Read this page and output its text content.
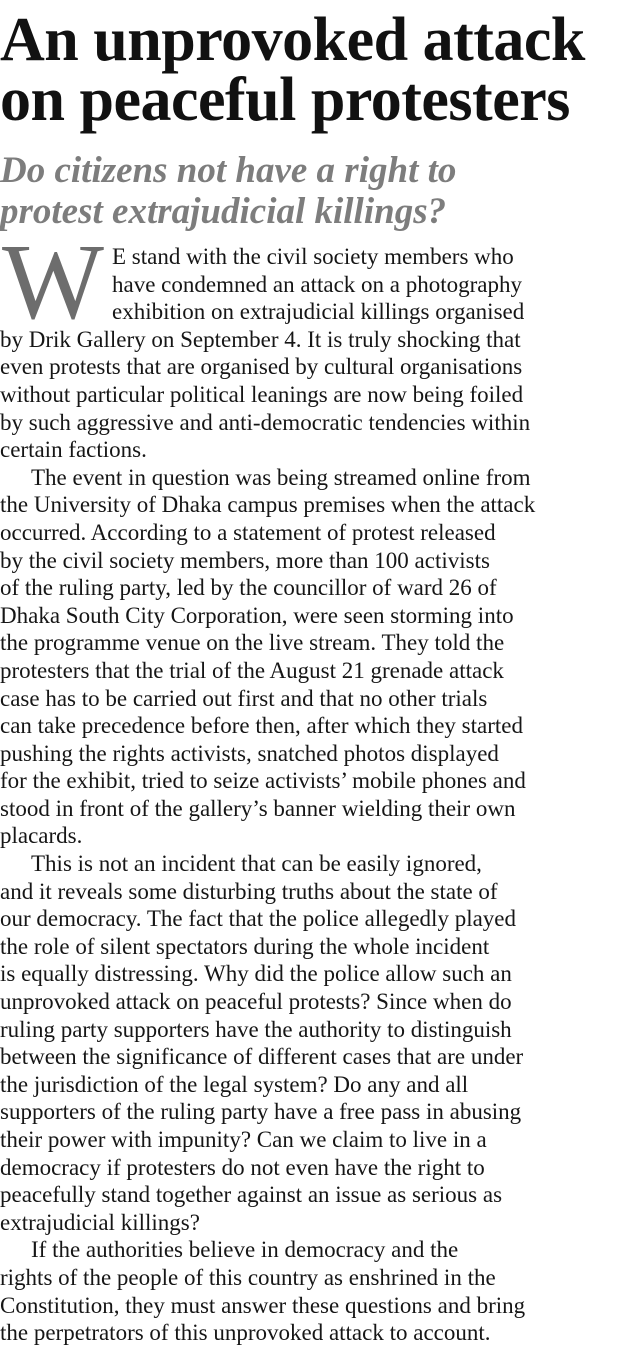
An unprovoked attack
on peaceful protesters
Do citizens not have a right to
protest extrajudicial killings?
W E stand with the civil society members who
have condemned an attack on a photography
exhibition on extrajudicial killings organised
by Drik Gallery on September 4. It is truly shocking that
even protests that are organised by cultural organisations
without particular political leanings are now being foiled
by such aggressive and anti-democratic tendencies within
certain factions.
The event in question was being streamed online from
the University of Dhaka campus premises when the attack
occurred. According to a statement of protest released
by the civil society members, more than 100 activists
of the ruling party, led by the councillor of ward 26 of
Dhaka South City Corporation, were seen storming into
the programme venue on the live stream. They told the
protesters that the trial of the August 21 grenade attack
case has to be carried out first and that no other trials
can take precedence before then, after which they started
pushing the rights activists, snatched photos displayed
for the exhibit, tried to seize activists’ mobile phones and
stood in front of the gallery’s banner wielding their own
placards.
This is not an incident that can be easily ignored,
and it reveals some disturbing truths about the state of
our democracy. The fact that the police allegedly played
the role of silent spectators during the whole incident
is equally distressing. Why did the police allow such an
unprovoked attack on peaceful protests? Since when do
ruling party supporters have the authority to distinguish
between the significance of different cases that are under
the jurisdiction of the legal system? Do any and all
supporters of the ruling party have a free pass in abusing
their power with impunity? Can we claim to live in a
democracy if protesters do not even have the right to
peacefully stand together against an issue as serious as
extrajudicial killings?
If the authorities believe in democracy and the
rights of the people of this country as enshrined in the
Constitution, they must answer these questions and bring
the perpetrators of this unprovoked attack to account.
